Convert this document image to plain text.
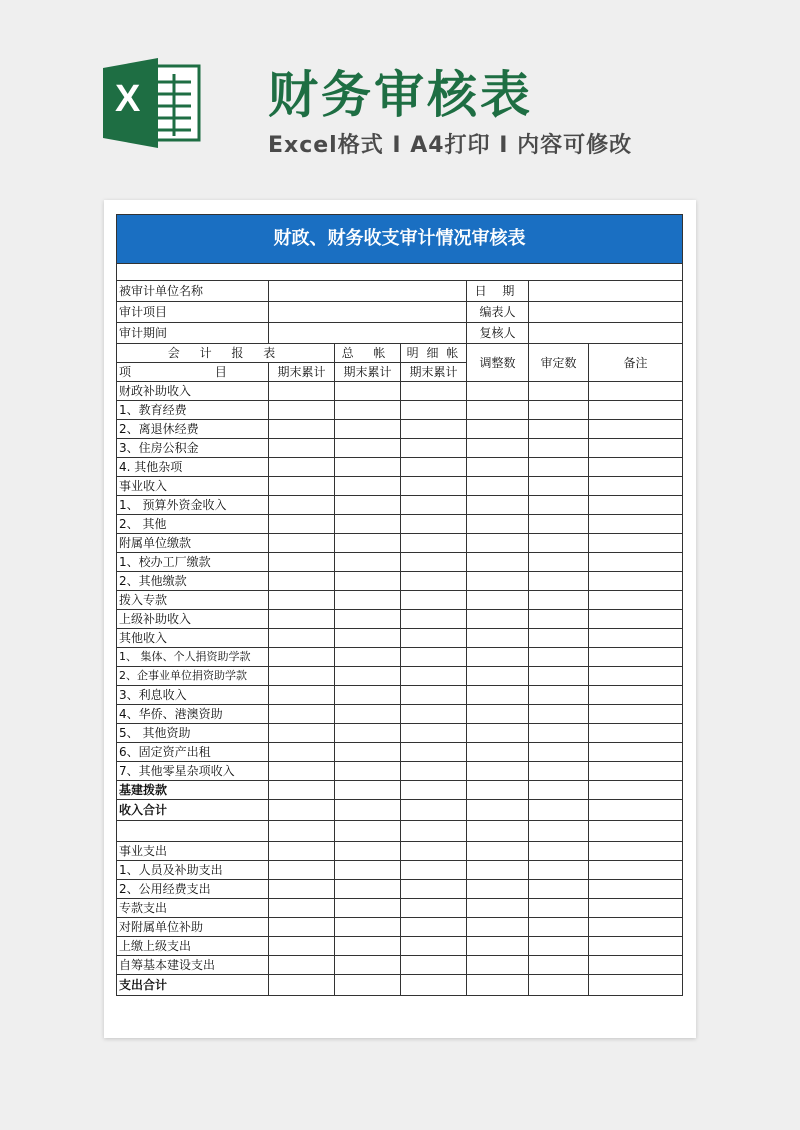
X	财务审核表
Excel格式 I A4打印 I 内容可修改
财政、财务收支审计情况审核表						

被审计单位名称				日 期		
审计项目				编表人		
审计期间				复核人		
会 计 报 表		总 帐	明 细 帐	调整数	审定数	备注
项 目	期末累计	期末累计	期末累计			
财政补助收入						
1、教育经费						
2、离退休经费						
3、住房公积金						
4. 其他杂项						
事业收入						
1、 预算外资金收入						
2、 其他						
附属单位缴款						
1、校办工厂缴款						
2、其他缴款						
拨入专款						
上级补助收入						
其他收入						
1、 集体、个人捐资助学款						
2、企事业单位捐资助学款						
3、利息收入						
4、华侨、港澳资助						
5、 其他资助						
6、固定资产出租						
7、其他零星杂项收入						
基建拨款						
收入合计						

事业支出						
1、人员及补助支出						
2、公用经费支出						
专款支出						
对附属单位补助						
上缴上级支出						
自筹基本建设支出						
支出合计						
